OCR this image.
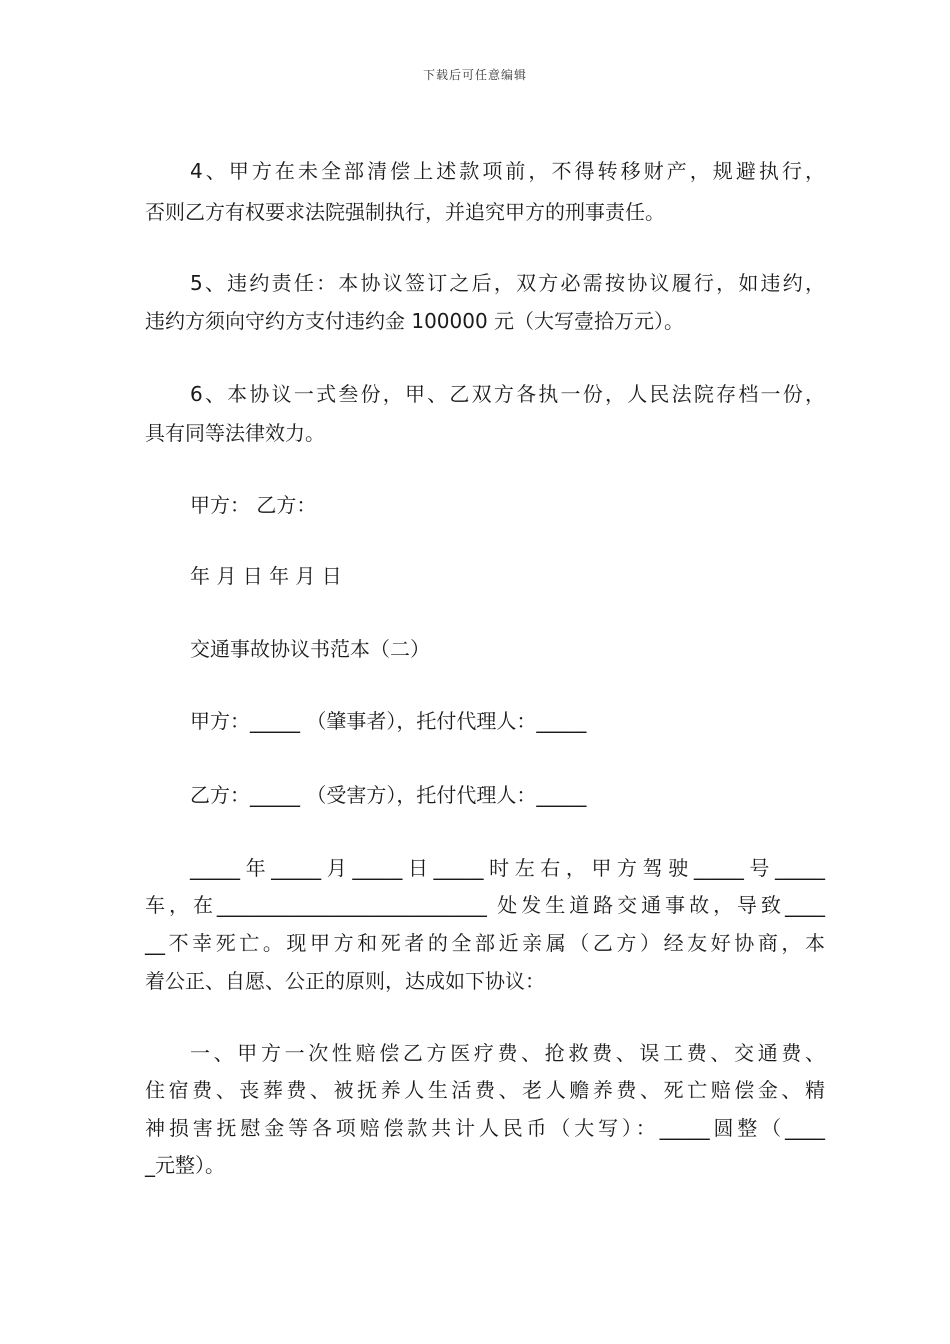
下载后可任意编辑
4、甲方在未全部清偿上述款项前，不得转移财产，规避执行，
否则乙方有权要求法院强制执行，并追究甲方的刑事责任。
5、违约责任：本协议签订之后，双方必需按协议履行，如违约，
违约方须向守约方支付违约金 100000 元（大写壹拾万元）。
6、本协议一式叁份，甲、乙双方各执一份，人民法院存档一份，
具有同等法律效力。
甲方： 乙方：
年 月 日 年 月 日
交通事故协议书范本（二）
甲方：_____ （肇事者），托付代理人：_____
乙方：_____ （受害方），托付代理人：_____
_____年_____月_____日_____时左右，甲方驾驶_____号_____
车，在___________________________ 处发生道路交通事故，导致____
__不幸死亡。现甲方和死者的全部近亲属（乙方）经友好协商，本
着公正、自愿、公正的原则，达成如下协议：
一、甲方一次性赔偿乙方医疗费、抢救费、误工费、交通费、
住宿费、丧葬费、被抚养人生活费、老人赡养费、死亡赔偿金、精
神损害抚慰金等各项赔偿款共计人民币（大写）：_____圆整（____
_元整）。
